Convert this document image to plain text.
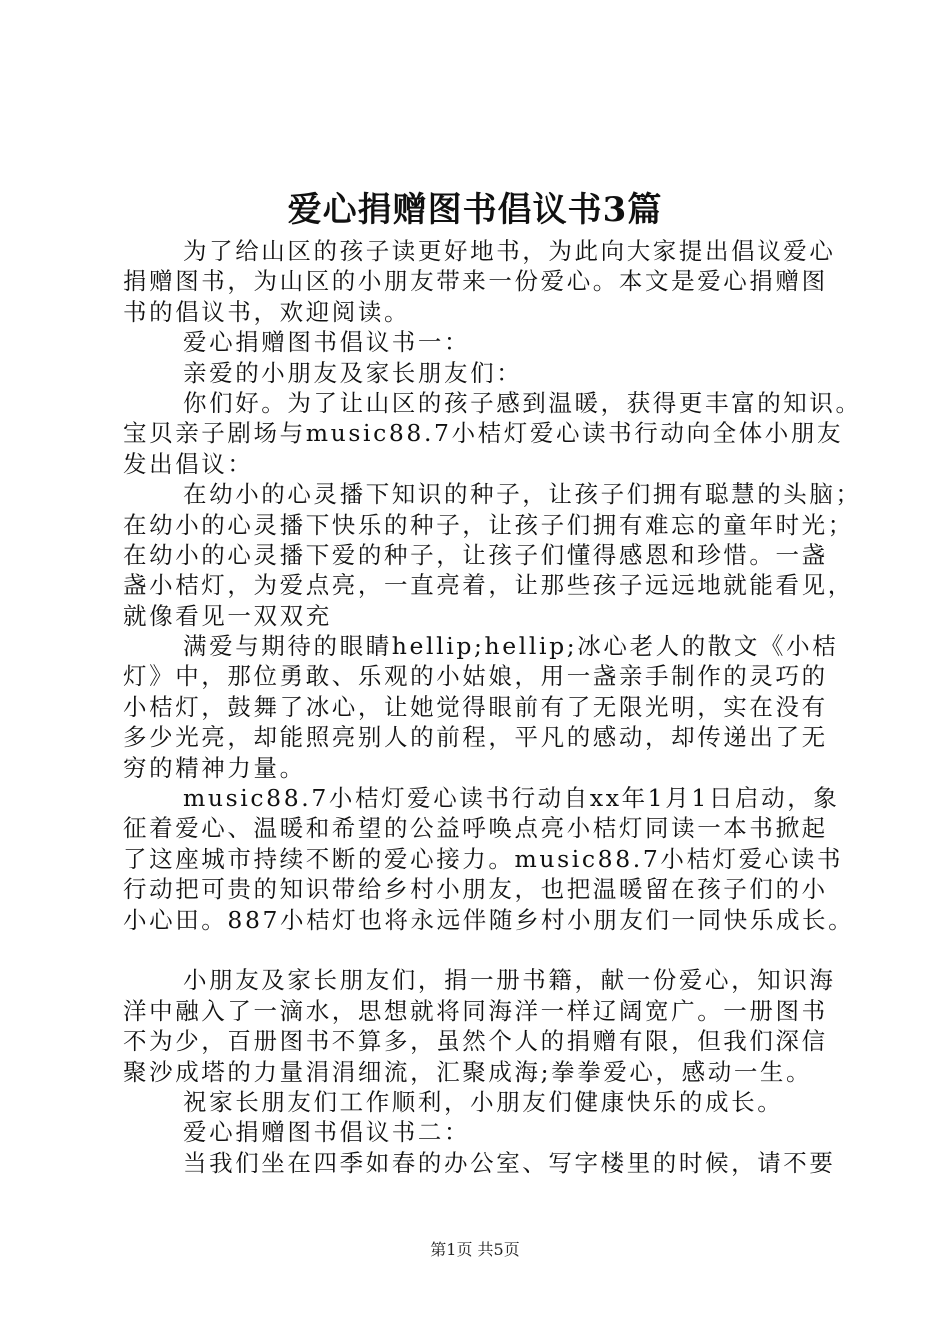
爱心捐赠图书倡议书3篇
为了给山区的孩子读更好地书，为此向大家提出倡议爱心
捐赠图书，为山区的小朋友带来一份爱心。本文是爱心捐赠图
书的倡议书，欢迎阅读。
爱心捐赠图书倡议书一：
亲爱的小朋友及家长朋友们：
你们好。为了让山区的孩子感到温暖，获得更丰富的知识。
宝贝亲子剧场与music88.7小桔灯爱心读书行动向全体小朋友
发出倡议：
在幼小的心灵播下知识的种子，让孩子们拥有聪慧的头脑；
在幼小的心灵播下快乐的种子，让孩子们拥有难忘的童年时光；
在幼小的心灵播下爱的种子，让孩子们懂得感恩和珍惜。一盏
盏小桔灯，为爱点亮，一直亮着，让那些孩子远远地就能看见，
就像看见一双双充
满爱与期待的眼睛hellip;hellip;冰心老人的散文《小桔
灯》中，那位勇敢、乐观的小姑娘，用一盏亲手制作的灵巧的
小桔灯，鼓舞了冰心，让她觉得眼前有了无限光明，实在没有
多少光亮，却能照亮别人的前程，平凡的感动，却传递出了无
穷的精神力量。
music88.7小桔灯爱心读书行动自xx年1月1日启动，象
征着爱心、温暖和希望的公益呼唤点亮小桔灯同读一本书掀起
了这座城市持续不断的爱心接力。music88.7小桔灯爱心读书
行动把可贵的知识带给乡村小朋友，也把温暖留在孩子们的小
小心田。887小桔灯也将永远伴随乡村小朋友们一同快乐成长。
小朋友及家长朋友们，捐一册书籍，献一份爱心，知识海
洋中融入了一滴水，思想就将同海洋一样辽阔宽广。一册图书
不为少，百册图书不算多，虽然个人的捐赠有限，但我们深信
聚沙成塔的力量涓涓细流，汇聚成海;拳拳爱心，感动一生。
祝家长朋友们工作顺利，小朋友们健康快乐的成长。
爱心捐赠图书倡议书二：
当我们坐在四季如春的办公室、写字楼里的时候，请不要
第1页 共5页
